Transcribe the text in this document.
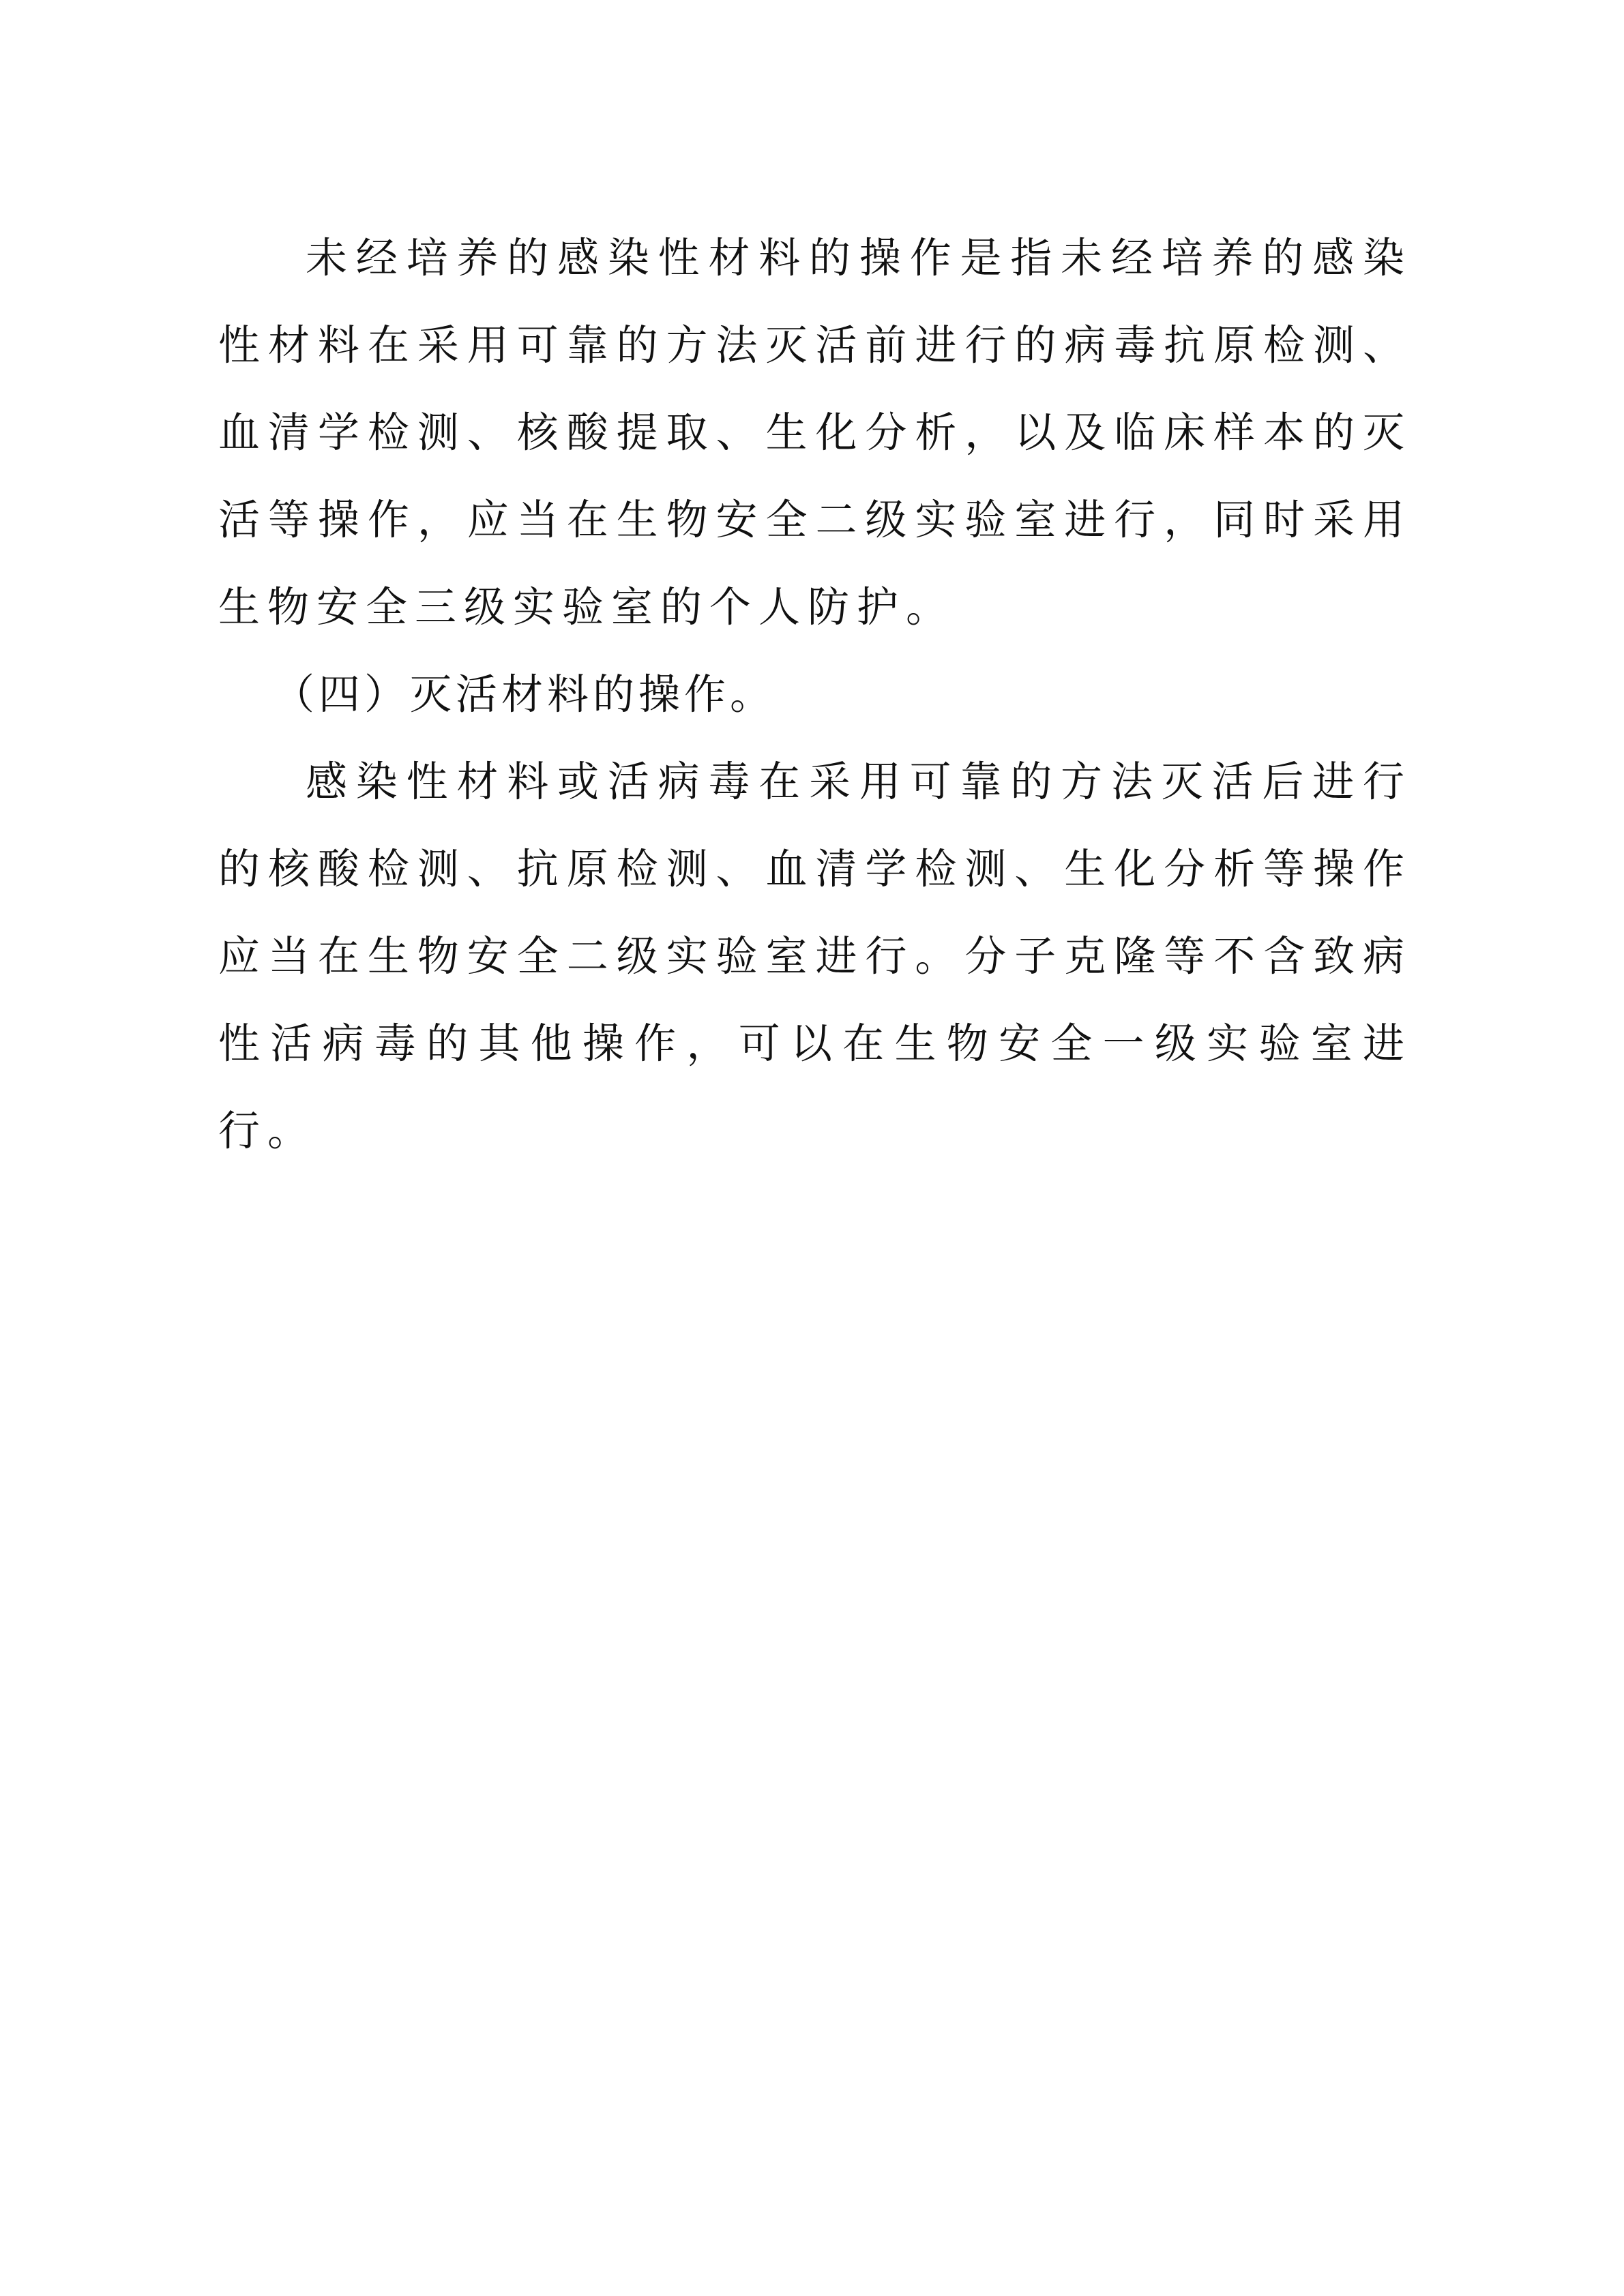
未经培养的感染性材料的操作是指未经培养的感染性材料在采用可靠的方法灭活前进行的病毒抗原检测、血清学检测、核酸提取、生化分析，以及临床样本的灭活等操作，应当在生物安全二级实验室进行，同时采用生物安全三级实验室的个人防护。

（四）灭活材料的操作。

感染性材料或活病毒在采用可靠的方法灭活后进行的核酸检测、抗原检测、血清学检测、生化分析等操作应当在生物安全二级实验室进行。分子克隆等不含致病性活病毒的其他操作，可以在生物安全一级实验室进行。
